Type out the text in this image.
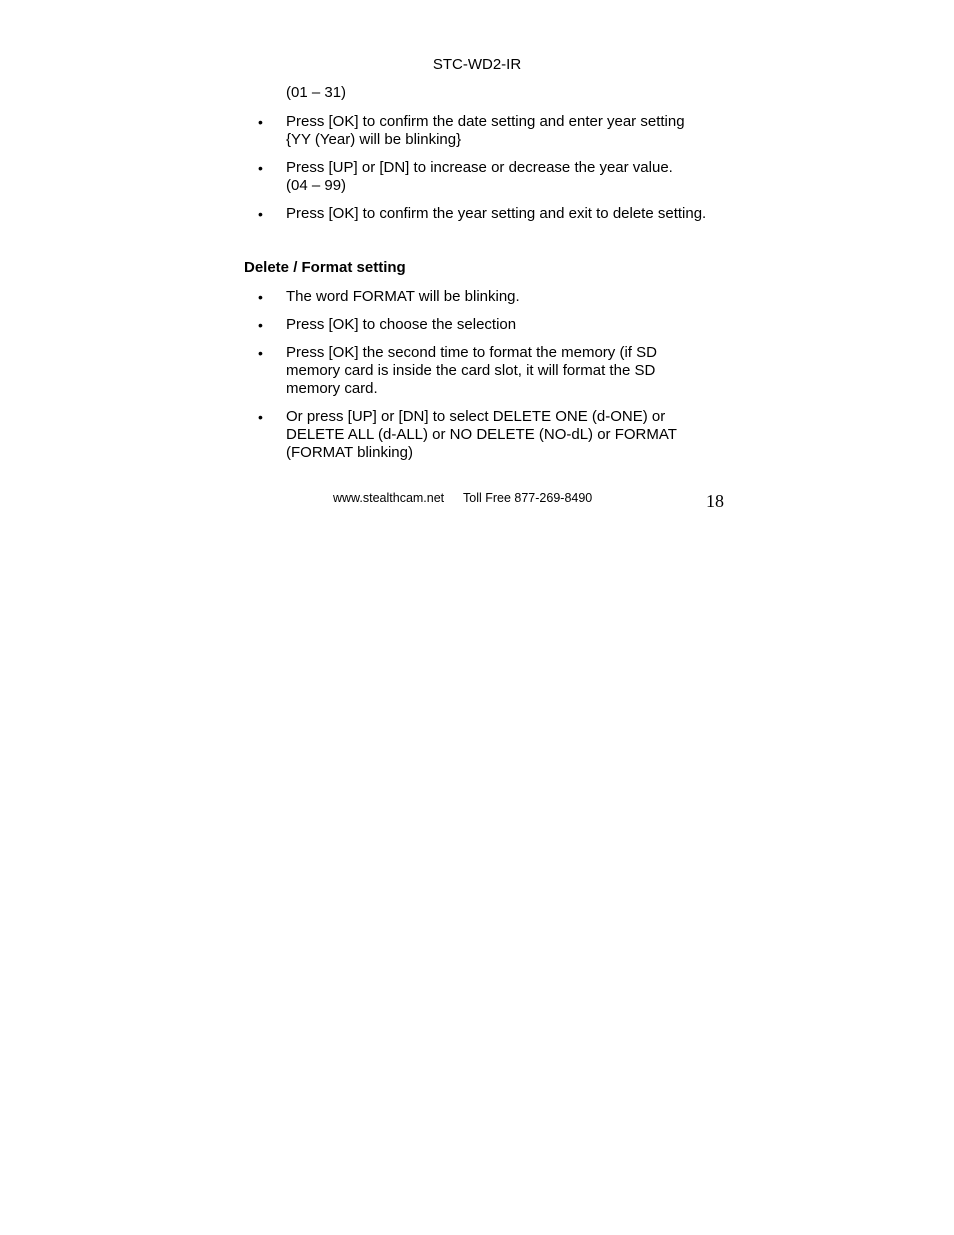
STC-WD2-IR
(01 – 31)
•
Press [OK] to confirm the date setting and enter year setting
{YY (Year) will be blinking}
•
Press [UP] or [DN] to increase or decrease the year value.
(04 – 99)
•
Press [OK] to confirm the year setting and exit to delete setting.
Delete / Format setting
•
The word FORMAT will be blinking.
•
Press [OK] to choose the selection
•
Press [OK] the second time to format the memory (if SD
memory card is inside the card slot, it will format the SD
memory card.
•
Or press [UP] or [DN] to select DELETE ONE (d-ONE) or
DELETE ALL (d-ALL) or NO DELETE (NO-dL) or FORMAT
(FORMAT blinking)
www.stealthcam.net Toll Free 877-269-8490	18
